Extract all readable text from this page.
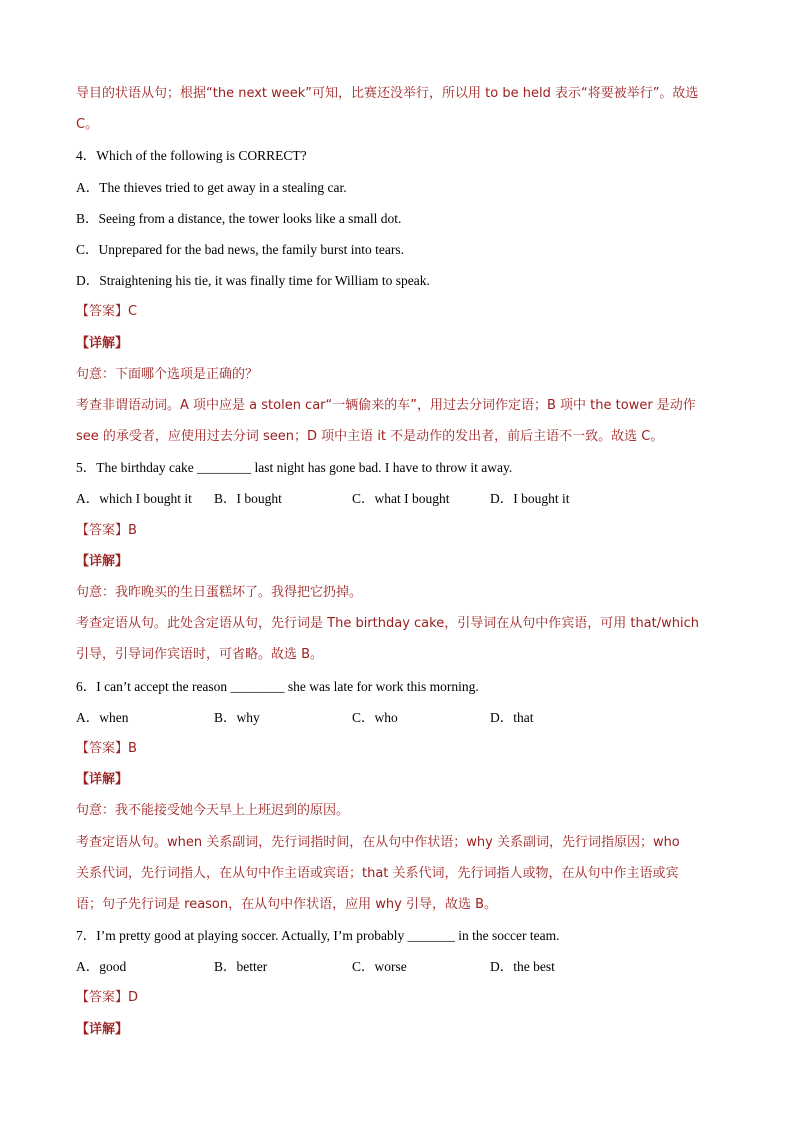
导目的状语从句；根据“the next week”可知，比赛还没举行，所以用 to be held 表示“将要被举行”。故选
C。
4．Which of the following is CORRECT?
A．The thieves tried to get away in a stealing car.
B．Seeing from a distance, the tower looks like a small dot.
C．Unprepared for the bad news, the family burst into tears.
D．Straightening his tie, it was finally time for William to speak.
【答案】C
【详解】
句意：下面哪个选项是正确的？
考查非谓语动词。A 项中应是 a stolen car“一辆偷来的车”，用过去分词作定语；B 项中 the tower 是动作
see 的承受者，应使用过去分词 seen；D 项中主语 it 不是动作的发出者，前后主语不一致。故选 C。
5．The birthday cake ________ last night has gone bad. I have to throw it away.
A．which I bought it B．I bought	C．what I bought	D．I bought it
【答案】B
【详解】
句意：我昨晚买的生日蛋糕坏了。我得把它扔掉。
考查定语从句。此处含定语从句，先行词是 The birthday cake，引导词在从句中作宾语，可用 that/which
引导，引导词作宾语时，可省略。故选 B。
6．I can’t accept the reason ________ she was late for work this morning.
A．when	B．why	C．who	D．that
【答案】B
【详解】
句意：我不能接受她今天早上上班迟到的原因。
考查定语从句。when 关系副词，先行词指时间，在从句中作状语；why 关系副词，先行词指原因；who
关系代词，先行词指人，在从句中作主语或宾语；that 关系代词，先行词指人或物，在从句中作主语或宾
语；句子先行词是 reason，在从句中作状语，应用 why 引导，故选 B。
7．I’m pretty good at playing soccer. Actually, I’m probably _______ in the soccer team.
A．good	B．better	C．worse	D．the best
【答案】D
【详解】
